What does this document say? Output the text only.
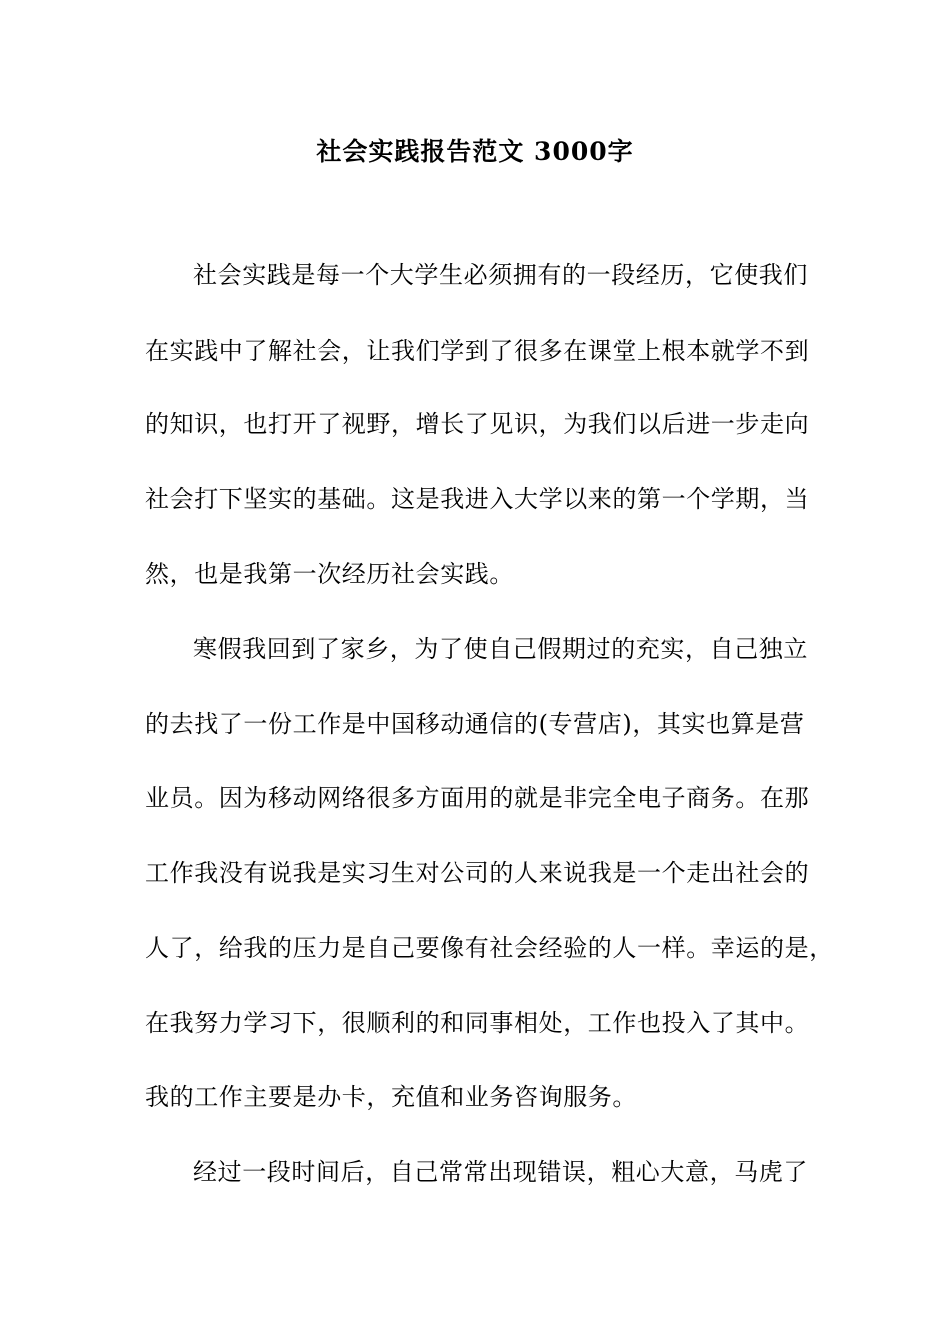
社会实践报告范文 3000字
社会实践是每一个大学生必须拥有的一段经历，它使我们
在实践中了解社会，让我们学到了很多在课堂上根本就学不到
的知识，也打开了视野，增长了见识，为我们以后进一步走向
社会打下坚实的基础。这是我进入大学以来的第一个学期，当
然，也是我第一次经历社会实践。
寒假我回到了家乡，为了使自己假期过的充实，自己独立
的去找了一份工作是中国移动通信的(专营店)，其实也算是营
业员。因为移动网络很多方面用的就是非完全电子商务。在那
工作我没有说我是实习生对公司的人来说我是一个走出社会的
人了，给我的压力是自己要像有社会经验的人一样。幸运的是，
在我努力学习下，很顺利的和同事相处，工作也投入了其中。
我的工作主要是办卡，充值和业务咨询服务。
经过一段时间后，自己常常出现错误，粗心大意，马虎了
